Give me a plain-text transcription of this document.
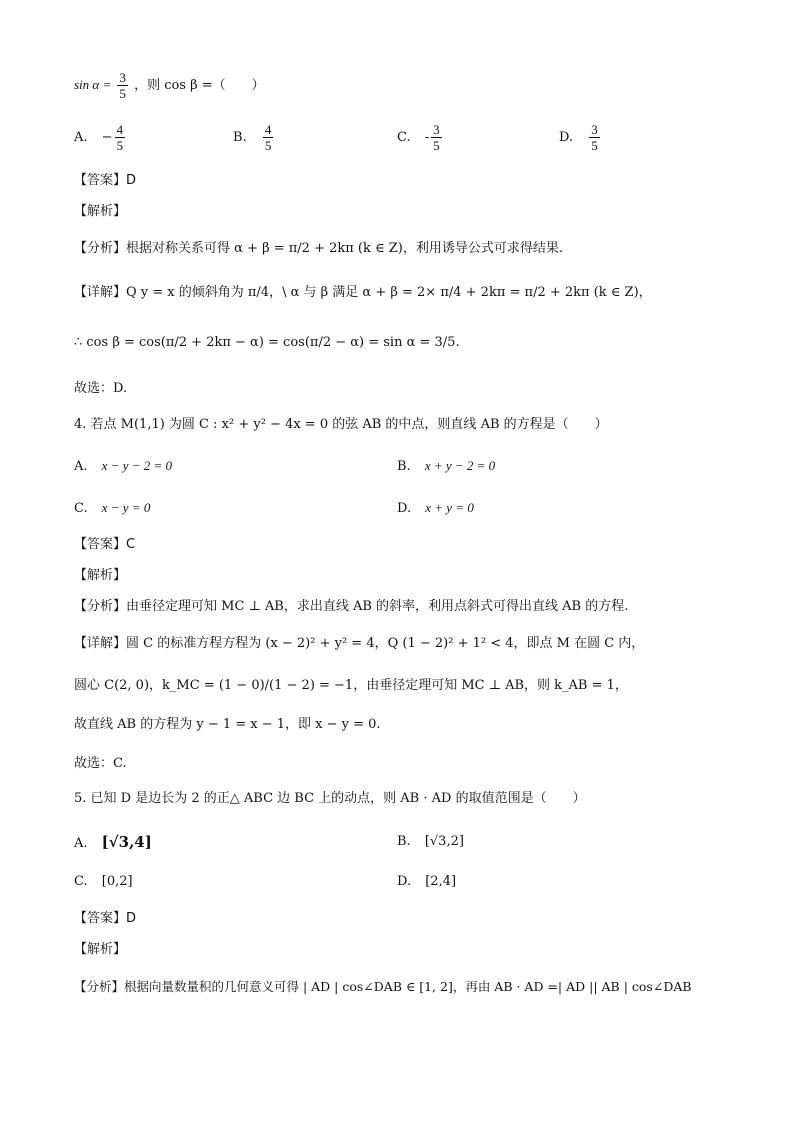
$\sin \alpha = \frac{3}{5}$ ，则 cos β =（　　）
A. − $\frac{4}{5}$	B. $\frac{4}{5}$	C. - $\frac{3}{5}$	D. $\frac{3}{5}$
【答案】D
【解析】
【分析】根据对称关系可得 α + β = π/2 + 2kπ (k ∈ Z)，利用诱导公式可求得结果.
【详解】Q y = x 的倾斜角为 π/4，\ α 与 β 满足 α + β = 2× π/4 + 2kπ = π/2 + 2kπ (k ∈ Z)，
∴ cos β = cos(π/2 + 2kπ − α) = cos(π/2 − α) = sin α = 3/5.
故选：D.
4. 若点 M(1,1) 为圆 C : x² + y² − 4x = 0 的弦 AB 的中点，则直线 AB 的方程是（　　）
A. x − y − 2 = 0	B. x + y − 2 = 0
C. x − y = 0	D. x + y = 0
【答案】C
【解析】
【分析】由垂径定理可知 MC ⊥ AB，求出直线 AB 的斜率，利用点斜式可得出直线 AB 的方程.
【详解】圆 C 的标准方程方程为 (x − 2)² + y² = 4，Q (1 − 2)² + 1² < 4，即点 M 在圆 C 内，
圆心 C(2, 0)，k_MC = (1 − 0)/(1 − 2) = −1，由垂径定理可知 MC ⊥ AB，则 k_AB = 1，
故直线 AB 的方程为 y − 1 = x − 1，即 x − y = 0.
故选：C.
5. 已知 D 是边长为 2 的正△ ABC 边 BC 上的动点，则 AB · AD 的取值范围是（　　）
A. [√3,4]	B. [√3,2]
C. [0,2]	D. [2,4]
【答案】D
【解析】
【分析】根据向量数量积的几何意义可得 | AD | cos∠DAB ∈ [1, 2]，再由 AB · AD =| AD || AB | cos∠DAB
